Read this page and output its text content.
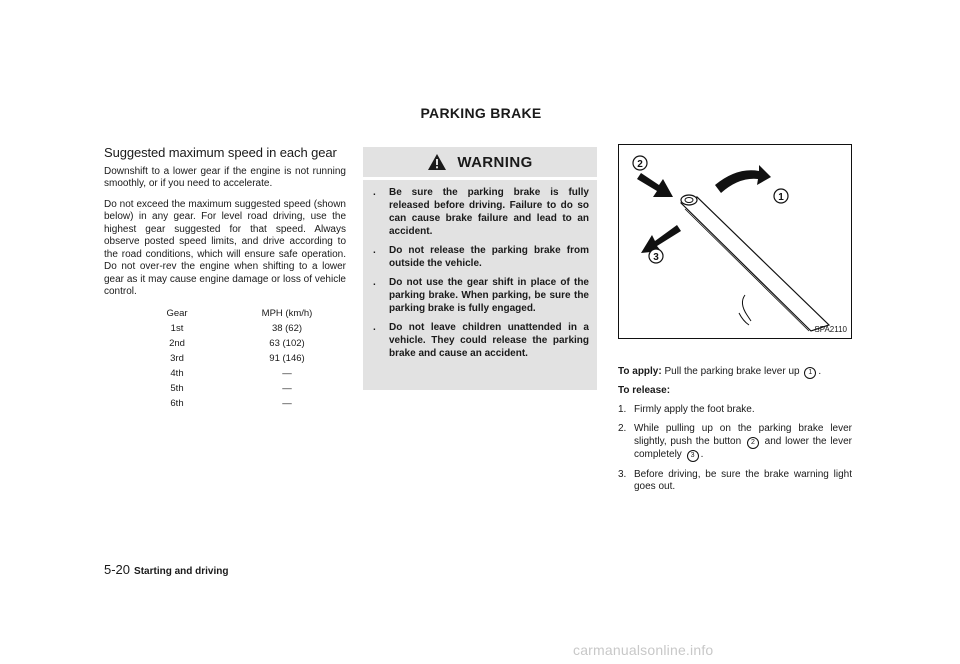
PARKING BRAKE
Suggested maximum speed in each gear

Downshift to a lower gear if the engine is not running smoothly, or if you need to accelerate.

Do not exceed the maximum suggested speed (shown below) in any gear. For level road driving, use the highest gear suggested for that speed. Always observe posted speed limits, and drive according to the road conditions, which will ensure safe operation. Do not over-rev the engine when shifting to a lower gear as it may cause engine damage or loss of vehicle control.

Gear	MPH (km/h)
1st	38 (62)
2nd	63 (102)
3rd	91 (146)
4th	—
5th	—
6th	—
WARNING
. Be sure the parking brake is fully released before driving. Failure to do so can cause brake failure and lead to an accident.
. Do not release the parking brake from outside the vehicle.
. Do not use the gear shift in place of the parking brake. When parking, be sure the parking brake is fully engaged.
. Do not leave children unattended in a vehicle. They could release the parking brake and cause an accident.
1
2
3
SPA2110
To apply: Pull the parking brake lever up 1 .
To release:
1. Firmly apply the foot brake.
2. While pulling up on the parking brake lever slightly, push the button 2 and lower the lever completely 3 .
3. Before driving, be sure the brake warning light goes out.
5-20 Starting and driving
carmanualsonline.info
